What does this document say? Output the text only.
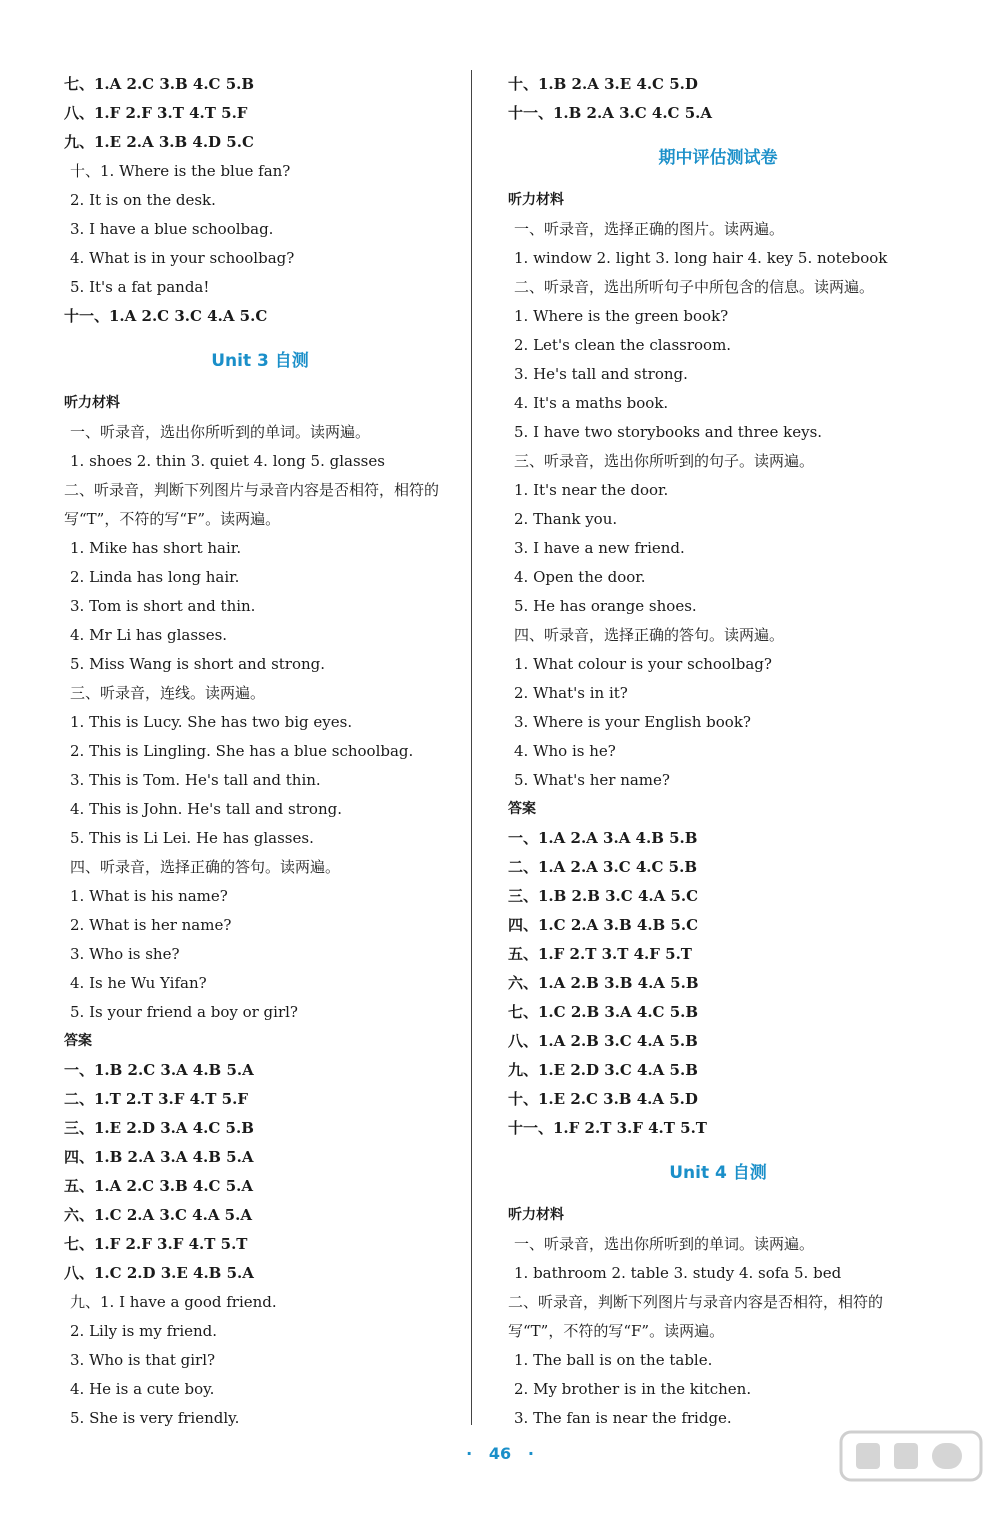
七、1.A 2.C 3.B 4.C 5.B
八、1.F 2.F 3.T 4.T 5.F
九、1.E 2.A 3.B 4.D 5.C
十、1. Where is the blue fan?
2. It is on the desk.
3. I have a blue schoolbag.
4. What is in your schoolbag?
5. It's a fat panda!
十一、1.A 2.C 3.C 4.A 5.C
Unit 3 自测
听力材料
一、听录音，选出你所听到的单词。读两遍。
1. shoes 2. thin 3. quiet 4. long 5. glasses
二、听录音，判断下列图片与录音内容是否相符，相符的写“T”，不符的写“F”。读两遍。
1. Mike has short hair.
2. Linda has long hair.
3. Tom is short and thin.
4. Mr Li has glasses.
5. Miss Wang is short and strong.
三、听录音，连线。读两遍。
1. This is Lucy. She has two big eyes.
2. This is Lingling. She has a blue schoolbag.
3. This is Tom. He's tall and thin.
4. This is John. He's tall and strong.
5. This is Li Lei. He has glasses.
四、听录音，选择正确的答句。读两遍。
1. What is his name?
2. What is her name?
3. Who is she?
4. Is he Wu Yifan?
5. Is your friend a boy or girl?
答案
一、1.B 2.C 3.A 4.B 5.A
二、1.T 2.T 3.F 4.T 5.F
三、1.E 2.D 3.A 4.C 5.B
四、1.B 2.A 3.A 4.B 5.A
五、1.A 2.C 3.B 4.C 5.A
六、1.C 2.A 3.C 4.A 5.A
七、1.F 2.F 3.F 4.T 5.T
八、1.C 2.D 3.E 4.B 5.A
九、1. I have a good friend.
2. Lily is my friend.
3. Who is that girl?
4. He is a cute boy.
5. She is very friendly.
十、1.B 2.A 3.E 4.C 5.D
十一、1.B 2.A 3.C 4.C 5.A
期中评估测试卷
听力材料
一、听录音，选择正确的图片。读两遍。
1. window 2. light 3. long hair 4. key 5. notebook
二、听录音，选出所听句子中所包含的信息。读两遍。
1. Where is the green book?
2. Let's clean the classroom.
3. He's tall and strong.
4. It's a maths book.
5. I have two storybooks and three keys.
三、听录音，选出你所听到的句子。读两遍。
1. It's near the door.
2. Thank you.
3. I have a new friend.
4. Open the door.
5. He has orange shoes.
四、听录音，选择正确的答句。读两遍。
1. What colour is your schoolbag?
2. What's in it?
3. Where is your English book?
4. Who is he?
5. What's her name?
答案
一、1.A 2.A 3.A 4.B 5.B
二、1.A 2.A 3.C 4.C 5.B
三、1.B 2.B 3.C 4.A 5.C
四、1.C 2.A 3.B 4.B 5.C
五、1.F 2.T 3.T 4.F 5.T
六、1.A 2.B 3.B 4.A 5.B
七、1.C 2.B 3.A 4.C 5.B
八、1.A 2.B 3.C 4.A 5.B
九、1.E 2.D 3.C 4.A 5.B
十、1.E 2.C 3.B 4.A 5.D
十一、1.F 2.T 3.F 4.T 5.T
Unit 4 自测
听力材料
一、听录音，选出你所听到的单词。读两遍。
1. bathroom 2. table 3. study 4. sofa 5. bed
二、听录音，判断下列图片与录音内容是否相符，相符的写“T”，不符的写“F”。读两遍。
1. The ball is on the table.
2. My brother is in the kitchen.
3. The fan is near the fridge.
· 46 ·
